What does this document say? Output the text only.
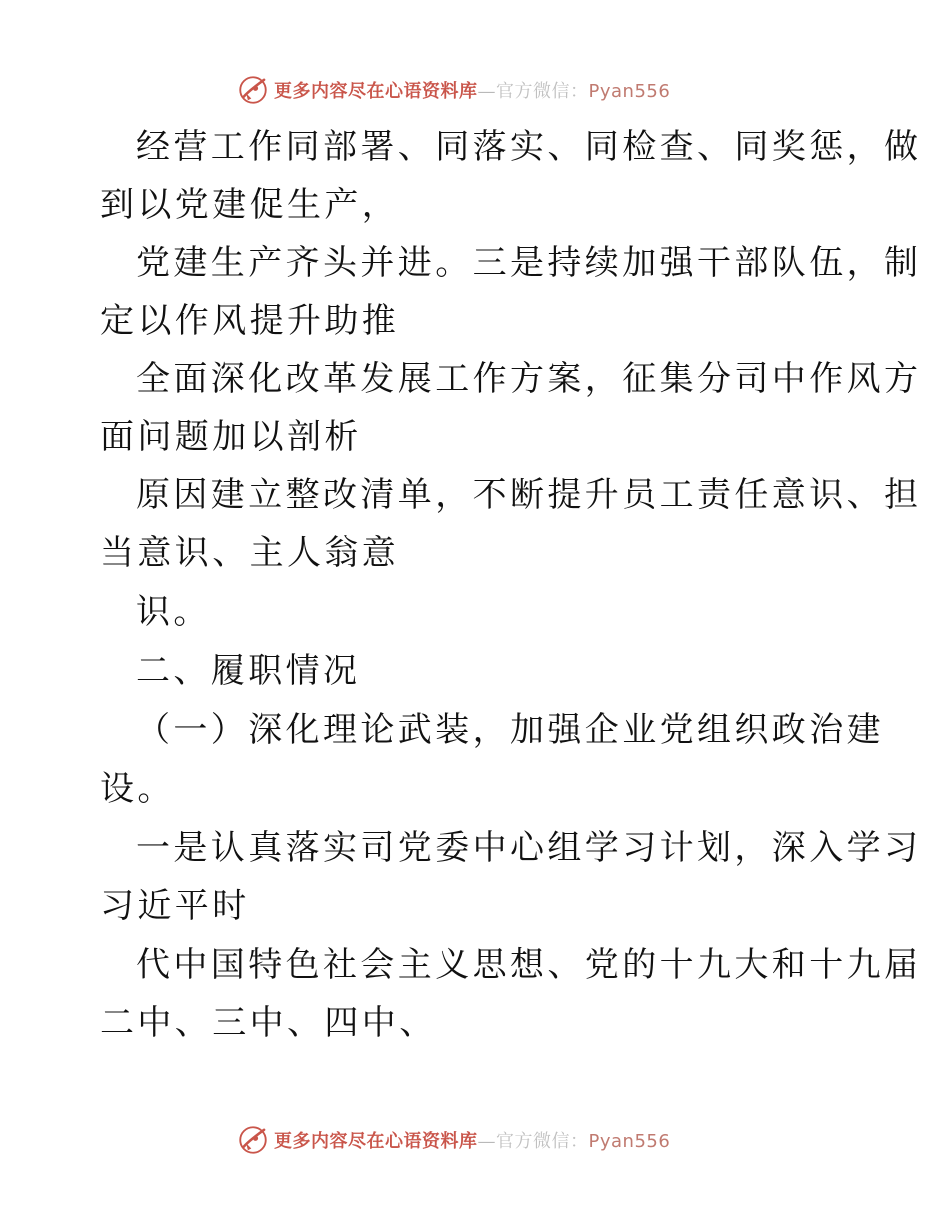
更多内容尽在心语资料库—官方微信：Pyan556
经营工作同部署、同落实、同检查、同奖惩，做
到以党建促生产，
党建生产齐头并进。三是持续加强干部队伍，制
定以作风提升助推
全面深化改革发展工作方案，征集分司中作风方
面问题加以剖析
原因建立整改清单，不断提升员工责任意识、担
当意识、主人翁意
识。
二、履职情况
（一）深化理论武装，加强企业党组织政治建
设。
一是认真落实司党委中心组学习计划，深入学习
习近平时
代中国特色社会主义思想、党的十九大和十九届
二中、三中、四中、
更多内容尽在心语资料库—官方微信：Pyan556
